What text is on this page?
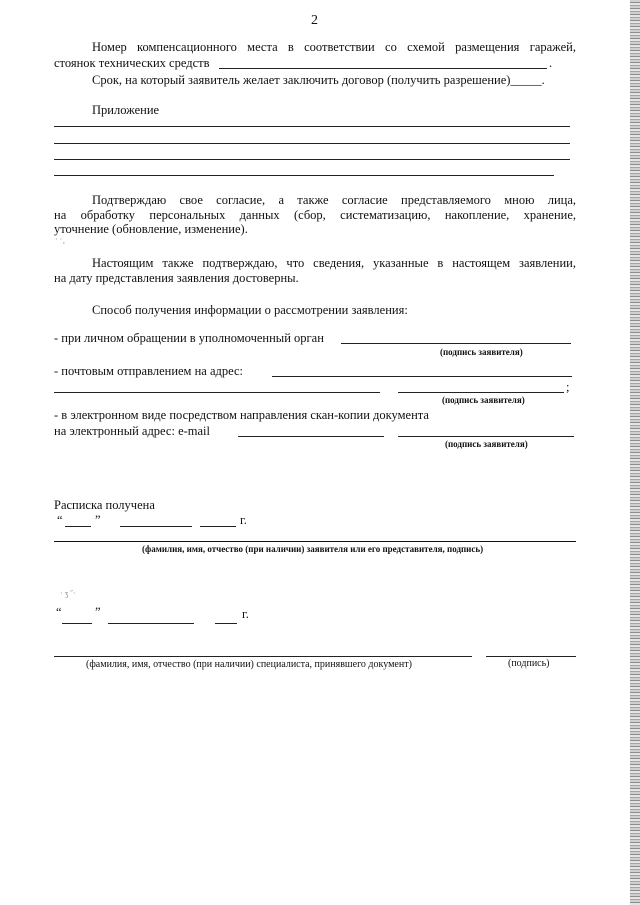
2
Номер компенсационного места в соответствии со схемой размещения гаражей,
стоянок технических средств	.
Срок, на который заявитель желает заключить договор (получить разрешение)_____.
Приложение
Подтверждаю свое согласие, а также согласие представляемого мною лица,
на обработку персональных данных (сбор, систематизацию, накопление, хранение,
уточнение (обновление, изменение).
· ·¸
Настоящим также подтверждаю, что сведения, указанные в настоящем заявлении,
на дату представления заявления достоверны.
Способ получения информации о рассмотрении заявления:
- при личном обращении в уполномоченный орган
(подпись заявителя)
- почтовым отправлением на адрес:
;
(подпись заявителя)
- в электронном виде посредством направления скан-копии документа
на электронный адрес: e-mail
(подпись заявителя)
Расписка получена
“	”	г.
(фамилия, имя, отчество (при наличии) заявителя или его представителя, подпись)
· ʒ ˝·
“	”	г.
(фамилия, имя, отчество (при наличии) специалиста, принявшего документ)	(подпись)
